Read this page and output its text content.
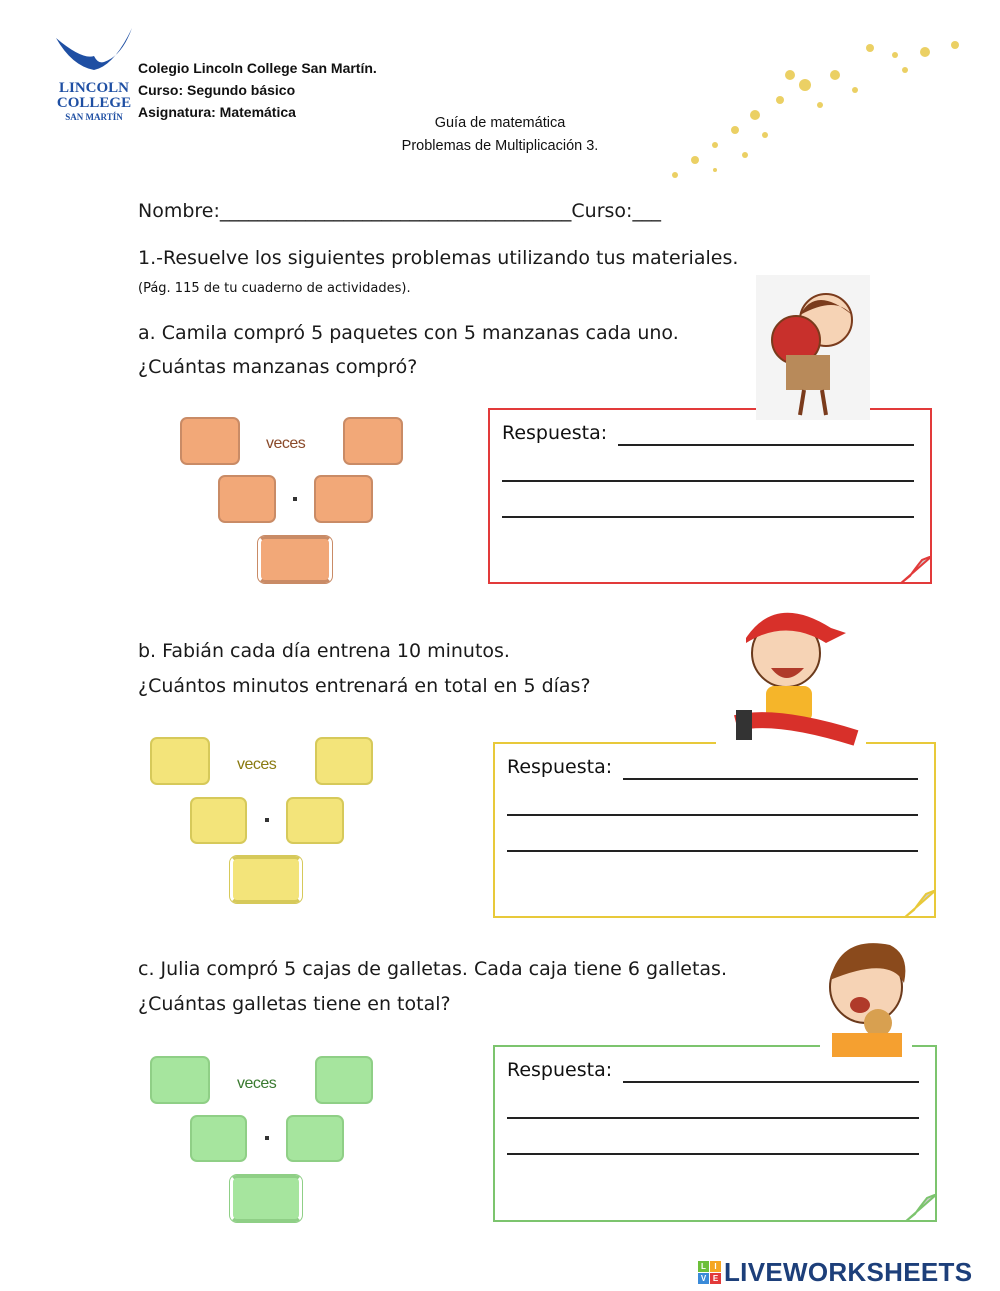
LINCOLN
COLLEGE
SAN MARTÍN
Colegio Lincoln College San Martín.
Curso: Segundo básico
Asignatura: Matemática
Guía de matemática
Problemas de Multiplicación 3.
Nombre:_____________________________________Curso:___
1.-Resuelve los siguientes problemas utilizando tus materiales.
(Pág. 115 de tu cuaderno de actividades).
a. Camila compró 5 paquetes con 5 manzanas cada uno.
¿Cuántas manzanas compró?
veces	Respuesta:
b. Fabián cada día entrena 10 minutos.
¿Cuántos minutos entrenará en total en 5 días?
veces	Respuesta:
c. Julia compró 5 cajas de galletas. Cada caja tiene 6 galletas.
¿Cuántas galletas tiene en total?
veces
Respuesta:
L	I
V E LIVEWORKSHEETS
